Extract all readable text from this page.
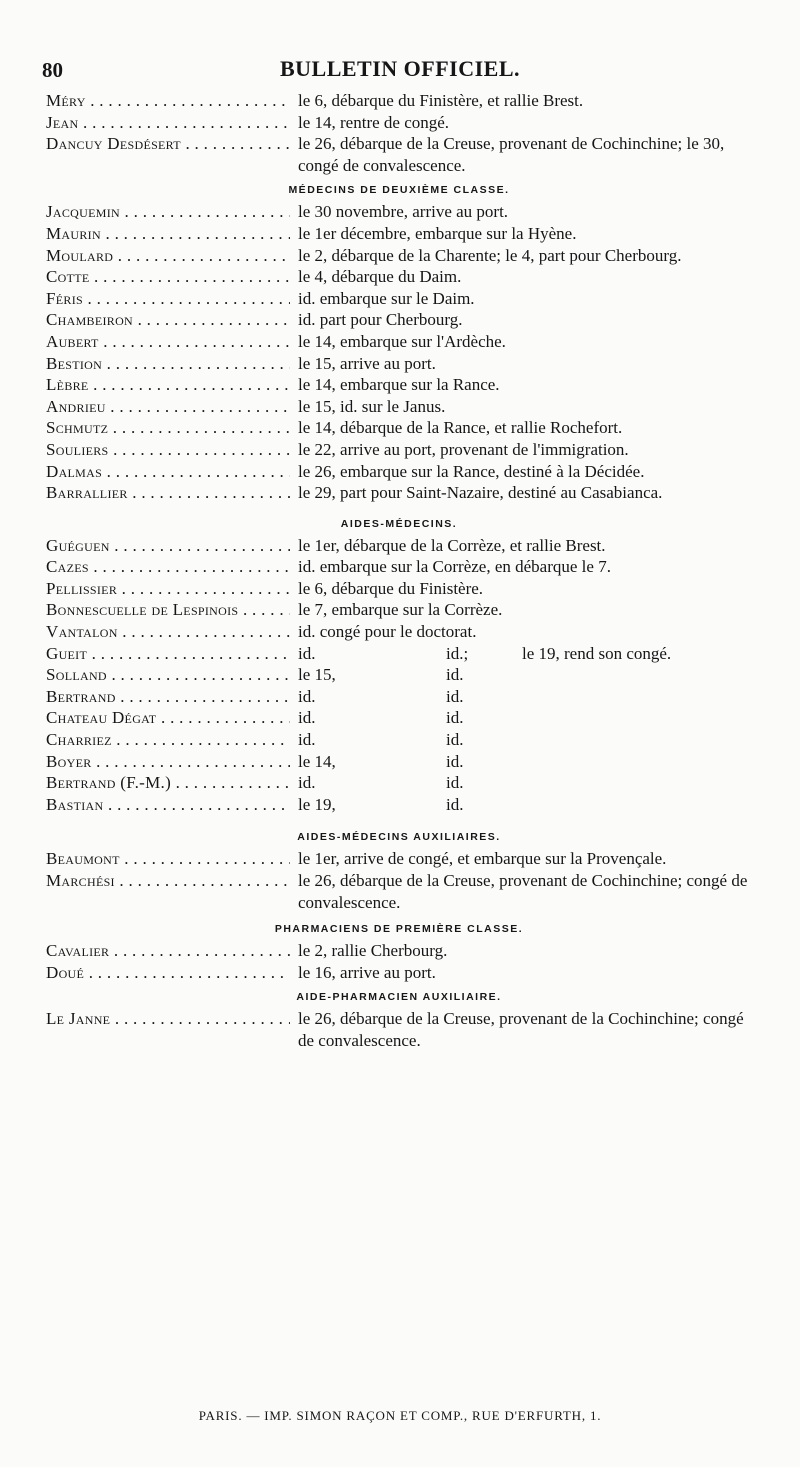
80	BULLETIN OFFICIEL.
Méry . . .	le 6, débarque du Finistère, et rallie Brest.
Jean . . .	le 14, rentre de congé.
Dancuy Desdésert . . .	le 26, débarque de la Creuse, provenant de Cochinchine; le 30, congé de convalescence.
MÉDECINS DE DEUXIÈME CLASSE.
Jacquemin . . .	le 30 novembre, arrive au port.
Maurin . . .	le 1er décembre, embarque sur la Hyène.
Moulard . . .	le 2, débarque de la Charente; le 4, part pour Cherbourg.
Cotte . . .	le 4, débarque du Daim.
Féris . . .	id. embarque sur le Daim.
Chambeiron . . .	id. part pour Cherbourg.
Aubert . . .	le 14, embarque sur l'Ardèche.
Bestion . . .	le 15, arrive au port.
Lèbre . . .	le 14, embarque sur la Rance.
Andrieu . . .	le 15, id. sur le Janus.
Schmutz . . .	le 14, débarque de la Rance, et rallie Rochefort.
Souliers . . .	le 22, arrive au port, provenant de l'immigration.
Dalmas . . .	le 26, embarque sur la Rance, destiné à la Décidée.
Barrallier . . .	le 29, part pour Saint-Nazaire, destiné au Casabianca.
AIDES-MÉDECINS.
Guéguen . . .	le 1er, débarque de la Corrèze, et rallie Brest.
Cazes . . .	id. embarque sur la Corrèze, en débarque le 7.
Pellissier . . .	le 6, débarque du Finistère.
Bonnescuelle de Lespinois . . .	le 7, embarque sur la Corrèze.
Vantalon . . .	id. congé pour le doctorat.
Gueit . . .	id.	id.;	le 19, rend son congé.
Solland . . .	le 15,	id.
Bertrand . . .	id.	id.
Chateau Dégat . . .	id.	id.
Charriez . . .	id.	id.
Boyer . . .	le 14,	id.
Bertrand (F.-M.) . . .	id.	id.
Bastian . . .	le 19,	id.
AIDES-MÉDECINS AUXILIAIRES.
Beaumont . . .	le 1er, arrive de congé, et embarque sur la Provençale.
Marchési . . .	le 26, débarque de la Creuse, provenant de Cochinchine; congé de convalescence.
PHARMACIENS DE PREMIÈRE CLASSE.
Cavalier . . .	le 2, rallie Cherbourg.
Doué . . .	le 16, arrive au port.
AIDE-PHARMACIEN AUXILIAIRE.
Le Janne . . .	le 26, débarque de la Creuse, provenant de la Cochinchine; congé de convalescence.
PARIS. — IMP. SIMON RAÇON ET COMP., RUE D'ERFURTH, 1.
